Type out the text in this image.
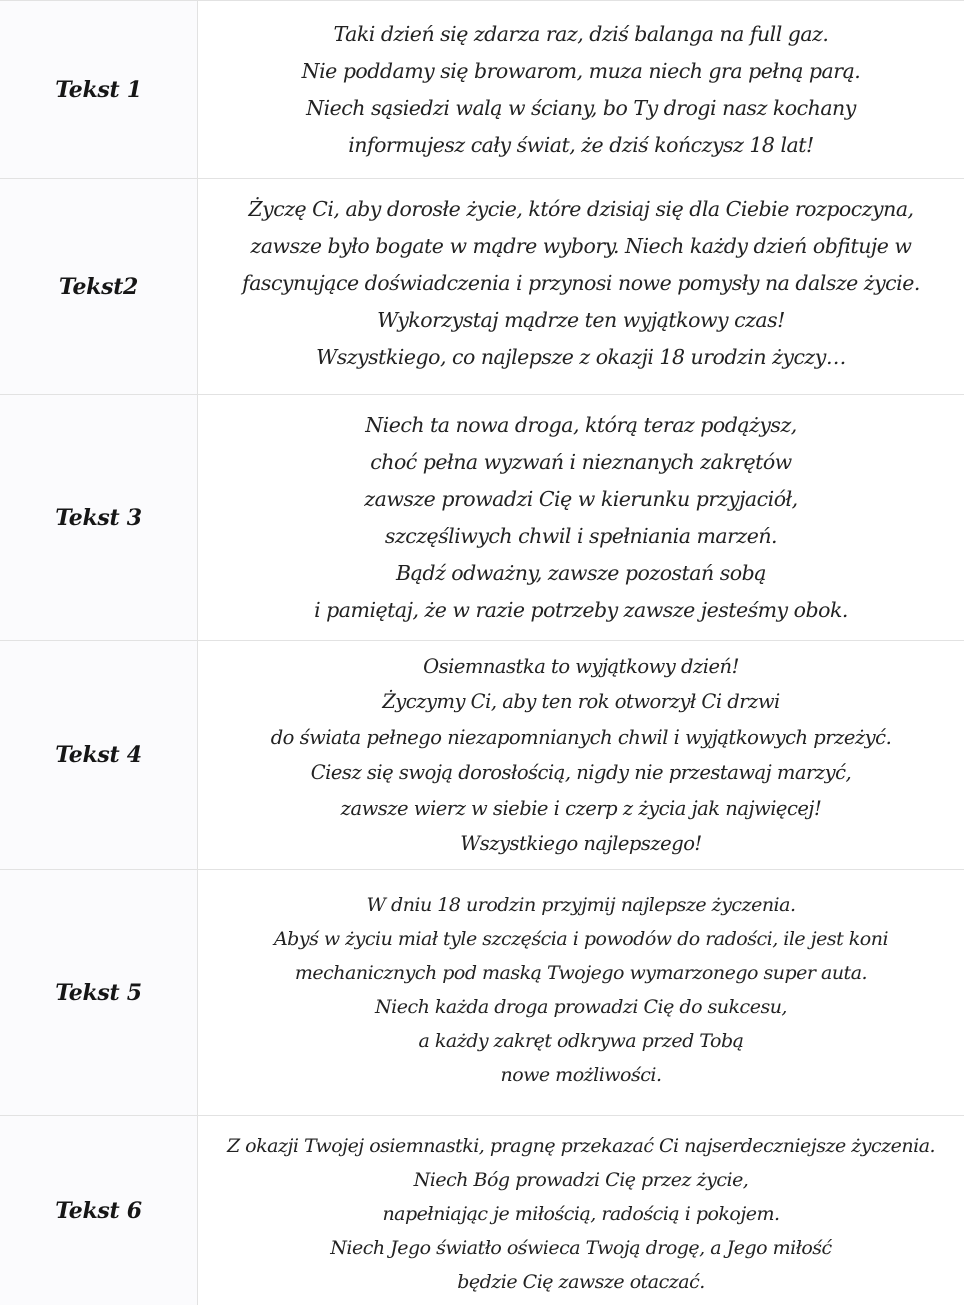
Tekst 1
Taki dzień się zdarza raz, dziś balanga na full gaz.
Nie poddamy się browarom, muza niech gra pełną parą.
Niech sąsiedzi walą w ściany, bo Ty drogi nasz kochany
informujesz cały świat, że dziś kończysz 18 lat!
Tekst2
Życzę Ci, aby dorosłe życie, które dzisiaj się dla Ciebie rozpoczyna,
zawsze było bogate w mądre wybory. Niech każdy dzień obfituje w
fascynujące doświadczenia i przynosi nowe pomysły na dalsze życie.
Wykorzystaj mądrze ten wyjątkowy czas!
Wszystkiego, co najlepsze z okazji 18 urodzin życzy…
Tekst 3
Niech ta nowa droga, którą teraz podążysz,
choć pełna wyzwań i nieznanych zakrętów
zawsze prowadzi Cię w kierunku przyjaciół,
szczęśliwych chwil i spełniania marzeń.
Bądź odważny, zawsze pozostań sobą
i pamiętaj, że w razie potrzeby zawsze jesteśmy obok.
Tekst 4
Osiemnastka to wyjątkowy dzień!
Życzymy Ci, aby ten rok otworzył Ci drzwi
do świata pełnego niezapomnianych chwil i wyjątkowych przeżyć.
Ciesz się swoją dorosłością, nigdy nie przestawaj marzyć,
zawsze wierz w siebie i czerp z życia jak najwięcej!
Wszystkiego najlepszego!
Tekst 5
W dniu 18 urodzin przyjmij najlepsze życzenia.
Abyś w życiu miał tyle szczęścia i powodów do radości, ile jest koni
mechanicznych pod maską Twojego wymarzonego super auta.
Niech każda droga prowadzi Cię do sukcesu,
a każdy zakręt odkrywa przed Tobą
nowe możliwości.
Tekst 6
Z okazji Twojej osiemnastki, pragnę przekazać Ci najserdeczniejsze życzenia.
Niech Bóg prowadzi Cię przez życie,
napełniając je miłością, radością i pokojem.
Niech Jego światło oświeca Twoją drogę, a Jego miłość
będzie Cię zawsze otaczać.
